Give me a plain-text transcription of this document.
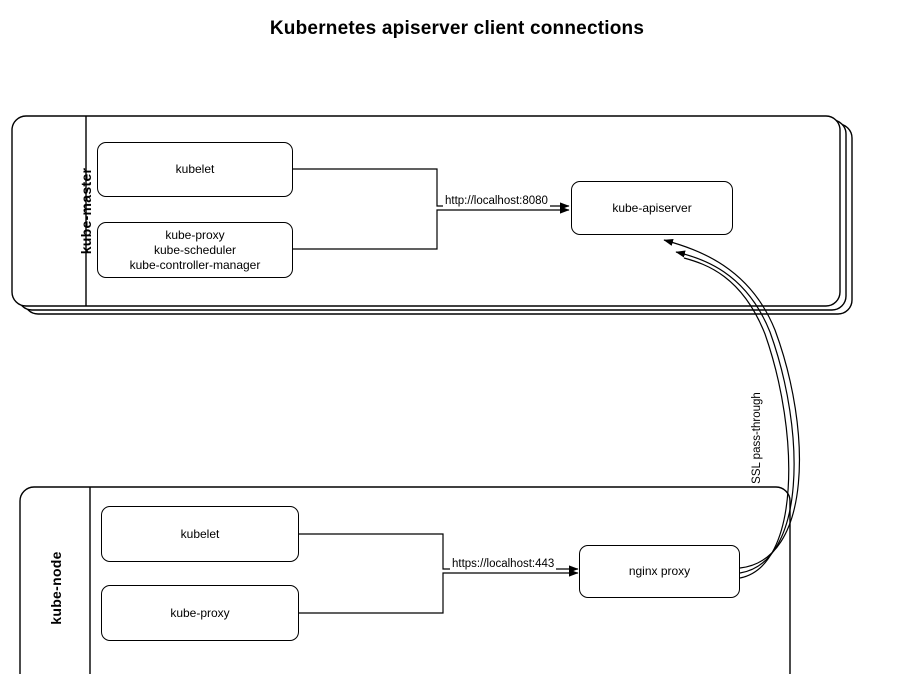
Kubernetes apiserver client connections
kube-master
kube-node
kubelet
kube-proxy
kube-scheduler
kube-controller-manager
kube-apiserver
kubelet
kube-proxy
nginx proxy
http://localhost:8080
https://localhost:443
SSL pass-through
